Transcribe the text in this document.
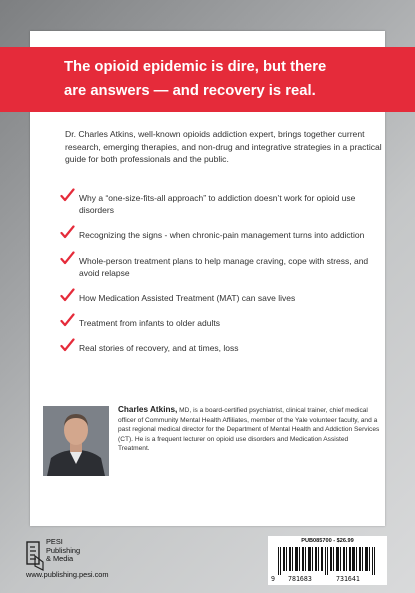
The opioid epidemic is dire, but there
are answers — and recovery is real.

Dr. Charles Atkins, well-known opioids addiction expert, brings together current research, emerging therapies, and non-drug and integrative strategies in a practical guide for both professionals and the public.

Why a “one-size-fits-all approach” to addiction doesn’t work for opioid use disorders
Recognizing the signs - when chronic-pain management turns into addiction
Whole-person treatment plans to help manage craving, cope with stress, and avoid relapse
How Medication Assisted Treatment (MAT) can save lives
Treatment from infants to older adults
Real stories of recovery, and at times, loss

Charles Atkins, MD, is a board-certified psychiatrist, clinical trainer, chief medical officer of Community Mental Health Affiliates, member of the Yale volunteer faculty, and a past regional medical director for the Department of Mental Health and Addiction Services (CT). He is a frequent lecturer on opioid use disorders and Medication Assisted Treatment.

PESI
Publishing
& Media

www.publishing.pesi.com
PUB085700 - $26.99
9 781683	731641
